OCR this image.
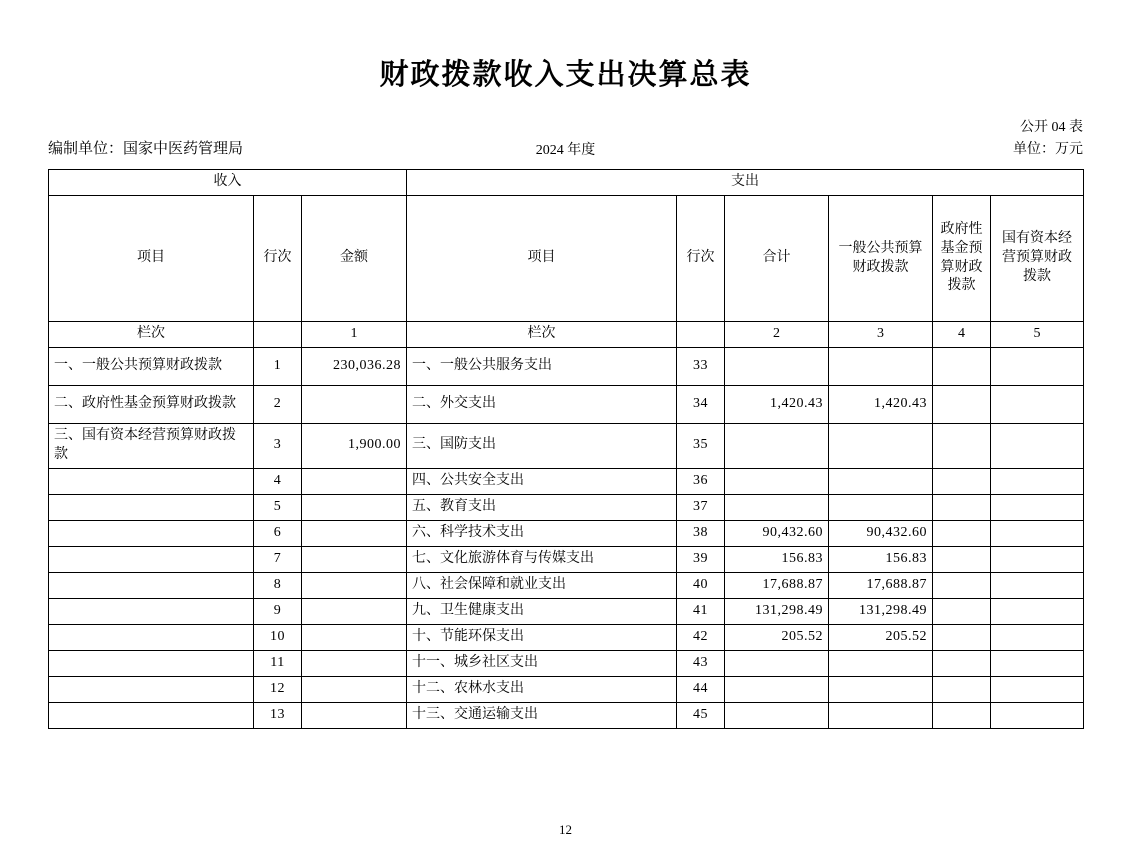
财政拨款收入支出决算总表
编制单位：国家中医药管理局	2024 年度
公开 04 表
单位：万元
收入			支出					
项目	行次	金额	项目	行次	合计	一般公共预算财政拨款	政府性基金预算财政拨款	国有资本经营预算财政拨款
栏次		1	栏次		2	3	4	5
一、一般公共预算财政拨款	1	230,036.28	一、一般公共服务支出	33				
二、政府性基金预算财政拨款	2		二、外交支出	34	1,420.43	1,420.43		
三、国有资本经营预算财政拨款	3	1,900.00	三、国防支出	35				
	4		四、公共安全支出	36				
	5		五、教育支出	37				
	6		六、科学技术支出	38	90,432.60	90,432.60		
	7		七、文化旅游体育与传媒支出	39	156.83	156.83		
	8		八、社会保障和就业支出	40	17,688.87	17,688.87		
	9		九、卫生健康支出	41	131,298.49	131,298.49		
	10		十、节能环保支出	42	205.52	205.52		
	11		十一、城乡社区支出	43				
	12		十二、农林水支出	44				
	13		十三、交通运输支出	45				
12
